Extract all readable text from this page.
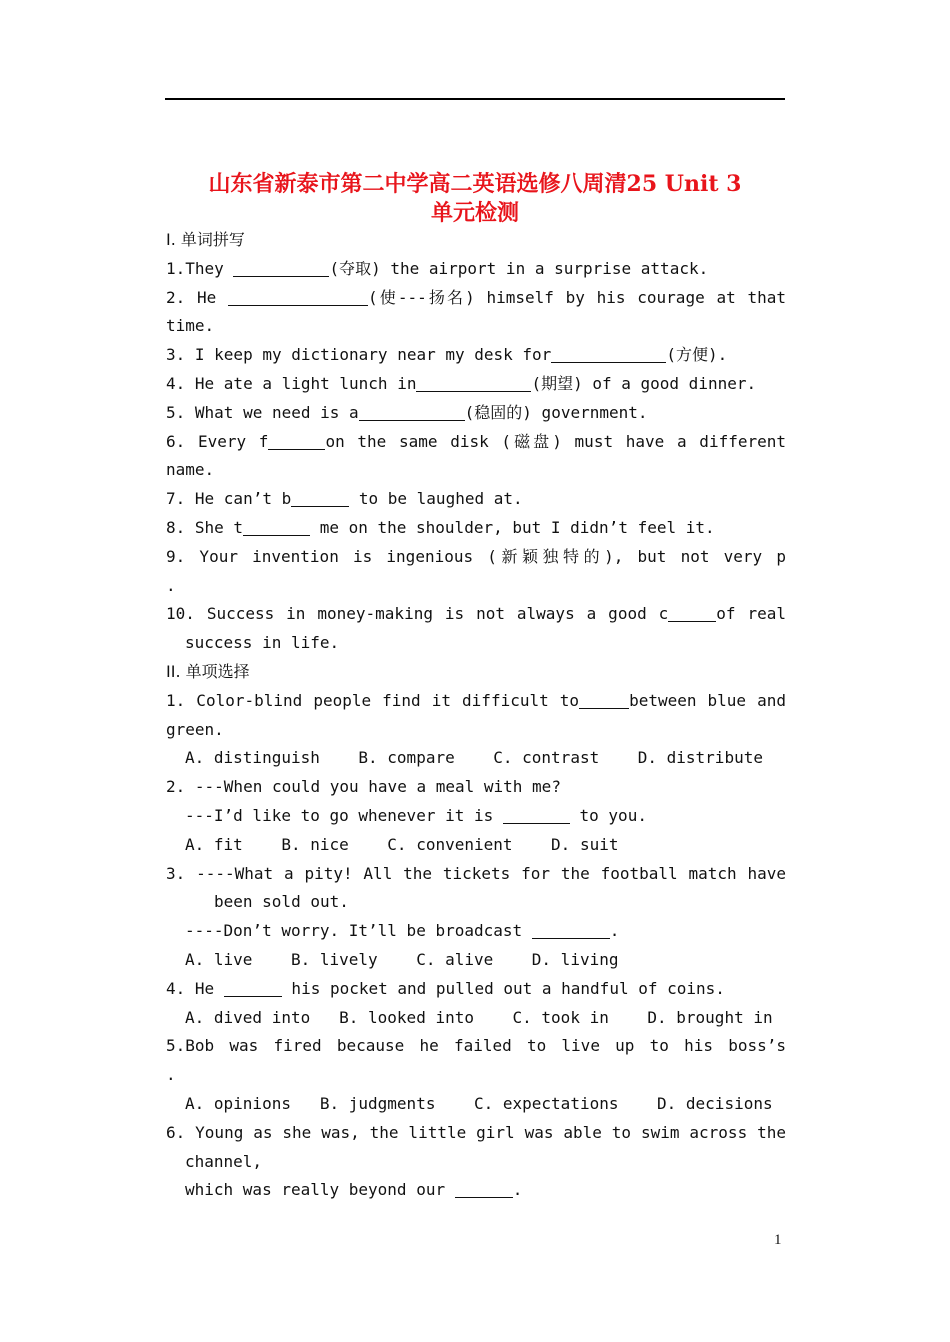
山东省新泰市第二中学高二英语选修八周清25 Unit 3
单元检测
Ⅰ. 单词拼写
1.They	(夺取) the airport in a surprise attack.
2. He	(使---扬名) himself by his courage at that
time.
3. I keep my dictionary near my desk for	(方便).
4. He ate a light lunch in	(期望) of a good dinner.
5. What we need is a	(稳固的) government.
6. Every f	on the same disk (磁盘) must have a different
name.
7. He can’t b	to be laughed at.
8. She t	me on the shoulder, but I didn’t feel it.
9. Your invention is ingenious (新颖独特的), but not very p
.
10. Success in money-making is not always a good c	of real
success in life.
II. 单项选择
1. Color-blind people find it difficult to	between blue and
green.
A. distinguish    B. compare    C. contrast    D. distribute
2. ---When could you have a meal with me?
---I’d like to go whenever it is	to you.
A. fit    B. nice    C. convenient    D. suit
3. ----What a pity! All the tickets for the football match have
been sold out.
----Don’t worry. It’ll be broadcast	.
A. live    B. lively    C. alive    D. living
4. He	his pocket and pulled out a handful of coins.
A. dived into   B. looked into    C. took in    D. brought in
5.Bob was fired because he failed to live up to his boss’s
.
A. opinions   B. judgments    C. expectations    D. decisions
6. Young as she was, the little girl was able to swim across the
channel,
which was really beyond our	.
1
